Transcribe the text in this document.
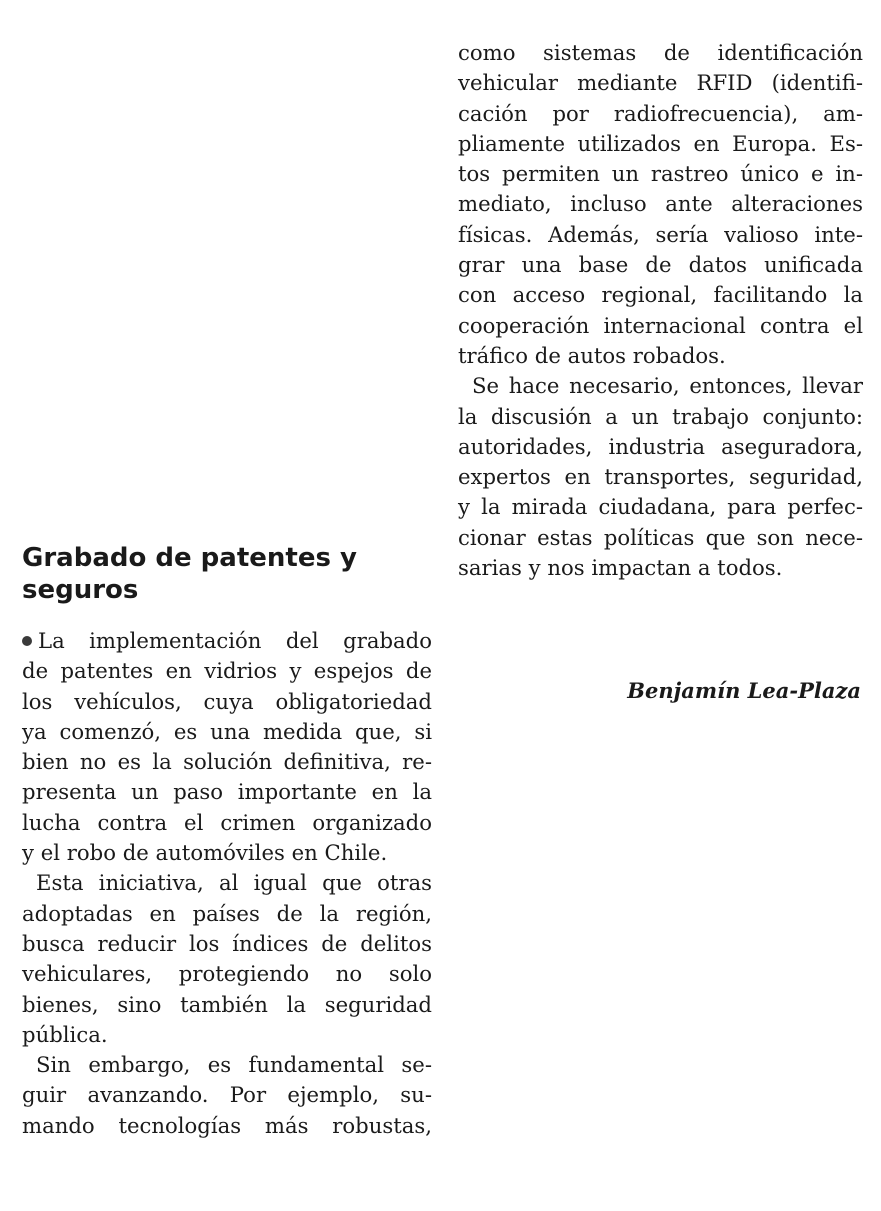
Grabado de patentes y
seguros
La implementación del grabado
de patentes en vidrios y espejos de
los vehículos, cuya obligatoriedad
ya comenzó, es una medida que, si
bien no es la solución definitiva, re-
presenta un paso importante en la
lucha contra el crimen organizado
y el robo de automóviles en Chile.
Esta iniciativa, al igual que otras
adoptadas en países de la región,
busca reducir los índices de delitos
vehiculares, protegiendo no solo
bienes, sino también la seguridad
pública.
Sin embargo, es fundamental se-
guir avanzando. Por ejemplo, su-
mando tecnologías más robustas,
como sistemas de identificación
vehicular mediante RFID (identifi-
cación por radiofrecuencia), am-
pliamente utilizados en Europa. Es-
tos permiten un rastreo único e in-
mediato, incluso ante alteraciones
físicas. Además, sería valioso inte-
grar una base de datos unificada
con acceso regional, facilitando la
cooperación internacional contra el
tráfico de autos robados.
Se hace necesario, entonces, llevar
la discusión a un trabajo conjunto:
autoridades, industria aseguradora,
expertos en transportes, seguridad,
y la mirada ciudadana, para perfec-
cionar estas políticas que son nece-
sarias y nos impactan a todos.
Benjamín Lea-Plaza
